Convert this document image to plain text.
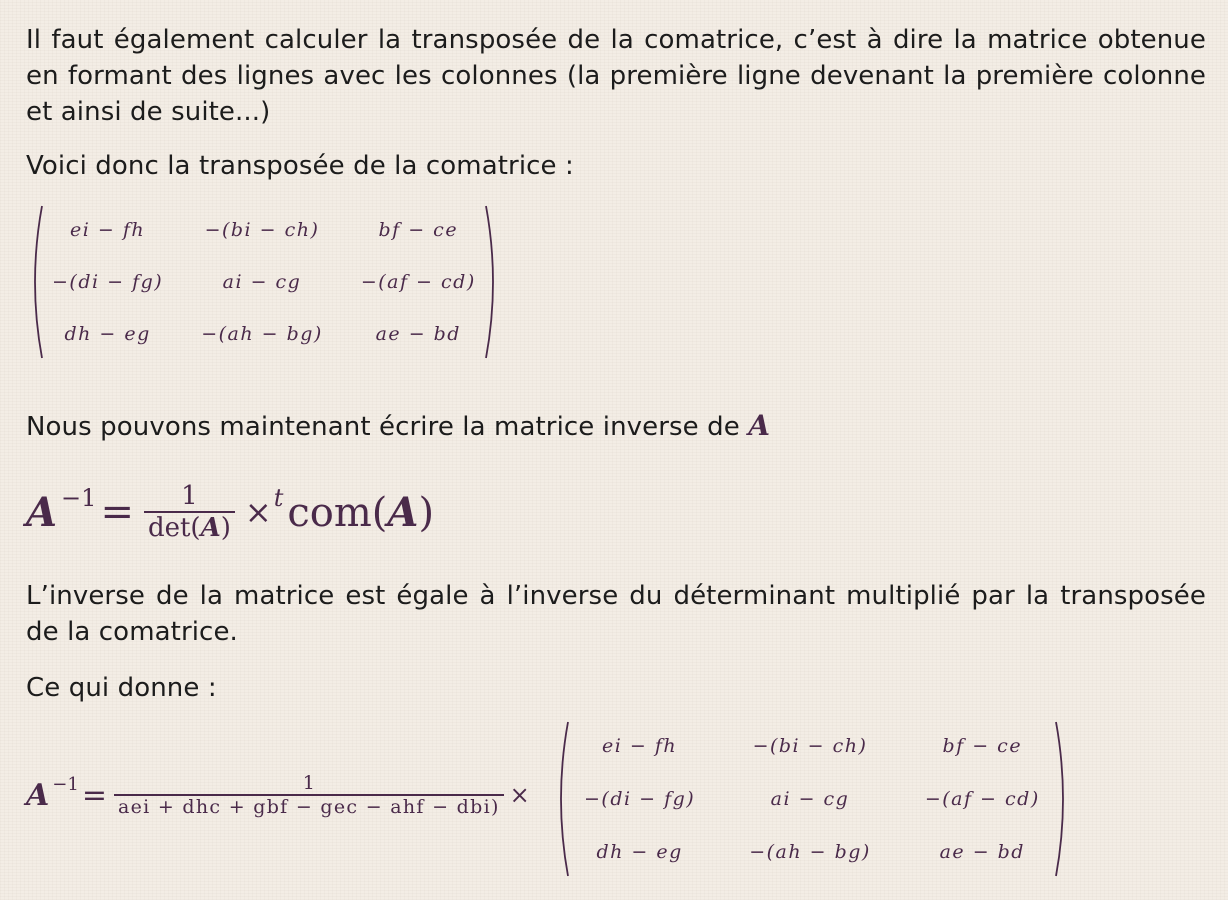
Il faut également calculer la transposée de la comatrice, c’est à dire la matrice obtenue en formant des lignes avec les colonnes (la première ligne devenant la première colonne et ainsi de suite...)
Voici donc la transposée de la comatrice :
ei − fh	−(bi − ch)	bf − ce
−(di − fg)	ai − cg	−(af − cd)
dh − eg	−(ah − bg)	ae − bd
Nous pouvons maintenant écrire la matrice inverse de A
$A^{-1} = \frac{1}{\det(A)} \times^t$ com(A)
L’inverse de la matrice est égale à l’inverse du déterminant multiplié par la transposée de la comatrice.
Ce qui donne :
$A^{-1} = \frac{1}{\text{aei + dhc + gbf − gec − ahf − dbi)}}$ ×
ei − fh	−(bi − ch)	bf − ce
−(di − fg)	ai − cg	−(af − cd)
dh − eg	−(ah − bg)	ae − bd
